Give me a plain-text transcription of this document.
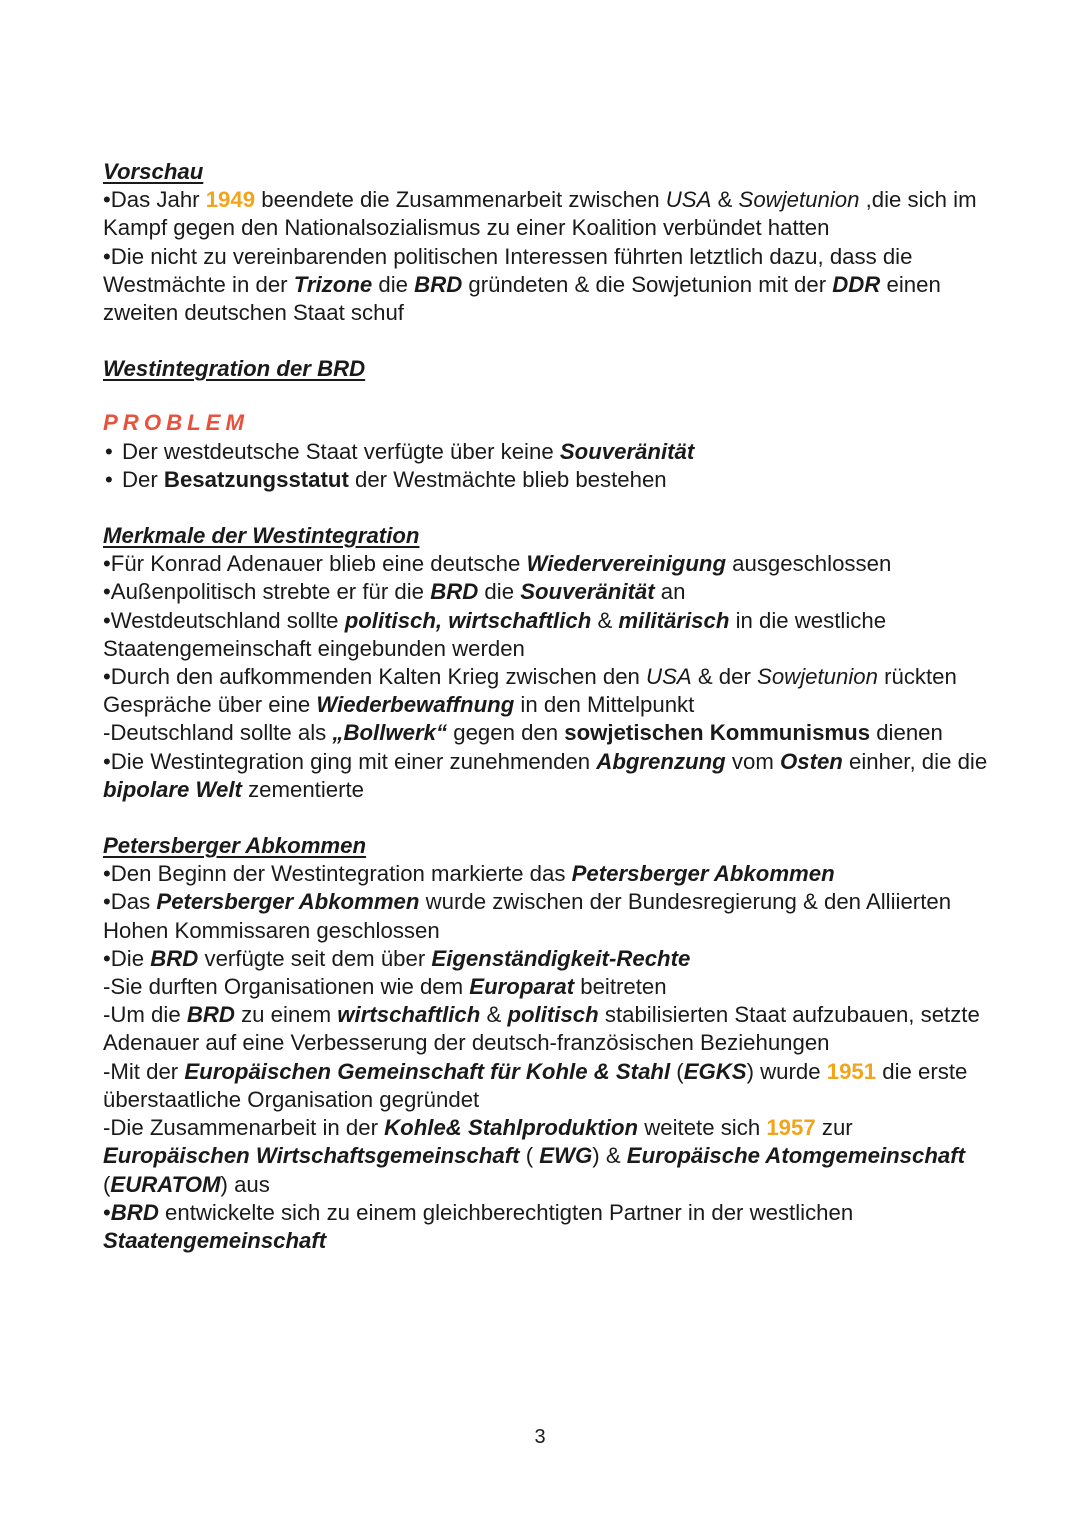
Vorschau
•Das Jahr 1949 beendete die Zusammenarbeit zwischen USA & Sowjetunion ,die sich im Kampf gegen den Nationalsozialismus zu einer Koalition verbündet hatten
•Die nicht zu vereinbarenden politischen Interessen führten letztlich dazu, dass die Westmächte in der Trizone die BRD gründeten & die Sowjetunion mit der DDR einen zweiten deutschen Staat schuf
Westintegration der BRD
PROBLEM
• Der westdeutsche Staat verfügte über keine Souveränität
• Der Besatzungsstatut der Westmächte blieb bestehen
Merkmale der Westintegration
•Für Konrad Adenauer blieb eine deutsche Wiedervereinigung ausgeschlossen
•Außenpolitisch strebte er für die BRD die Souveränität an
•Westdeutschland sollte politisch, wirtschaftlich & militärisch in die westliche Staatengemeinschaft eingebunden werden
•Durch den aufkommenden Kalten Krieg zwischen den USA & der Sowjetunion rückten Gespräche über eine Wiederbewaffnung in den Mittelpunkt
-Deutschland sollte als „Bollwerk“ gegen den sowjetischen Kommunismus dienen
•Die Westintegration ging mit einer zunehmenden Abgrenzung vom Osten einher, die die bipolare Welt zementierte
Petersberger Abkommen
•Den Beginn der Westintegration markierte das Petersberger Abkommen
•Das Petersberger Abkommen wurde zwischen der Bundesregierung & den Alliierten Hohen Kommissaren geschlossen
•Die BRD verfügte seit dem über Eigenständigkeit-Rechte
-Sie durften Organisationen wie dem Europarat beitreten
-Um die BRD zu einem wirtschaftlich & politisch stabilisierten Staat aufzubauen, setzte Adenauer auf eine Verbesserung der deutsch-französischen Beziehungen
-Mit der Europäischen Gemeinschaft für Kohle & Stahl (EGKS) wurde 1951 die erste überstaatliche Organisation gegründet
-Die Zusammenarbeit in der Kohle& Stahlproduktion weitete sich 1957 zur Europäischen Wirtschaftsgemeinschaft ( EWG) & Europäische Atomgemeinschaft (EURATOM) aus
•BRD entwickelte sich zu einem gleichberechtigten Partner in der westlichen Staatengemeinschaft
3
